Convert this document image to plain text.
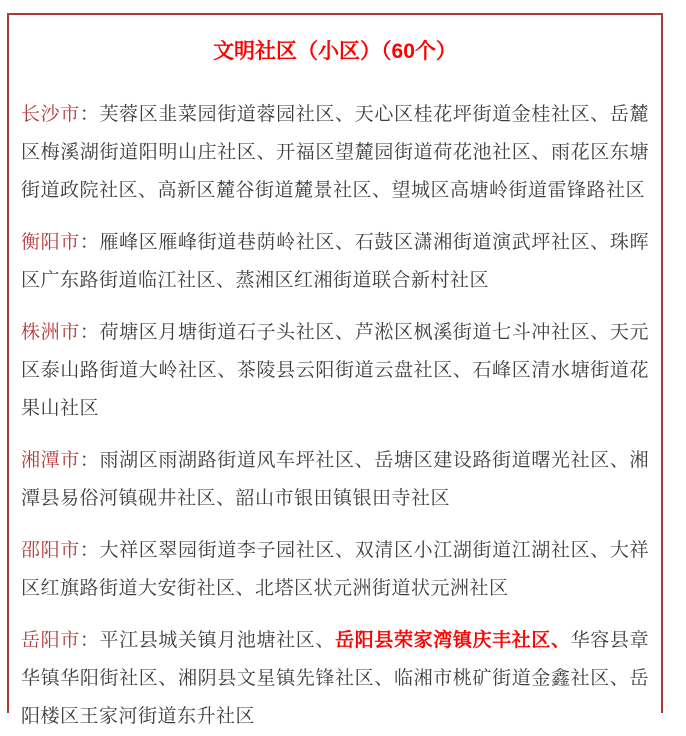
文明社区（小区）（60个）

长沙市：芙蓉区韭菜园街道蓉园社区、天心区桂花坪街道金桂社区、岳麓区梅溪湖街道阳明山庄社区、开福区望麓园街道荷花池社区、雨花区东塘街道政院社区、高新区麓谷街道麓景社区、望城区高塘岭街道雷锋路社区

衡阳市：雁峰区雁峰街道巷荫岭社区、石鼓区潇湘街道演武坪社区、珠晖区广东路街道临江社区、蒸湘区红湘街道联合新村社区

株洲市：荷塘区月塘街道石子头社区、芦淞区枫溪街道七斗冲社区、天元区泰山路街道大岭社区、茶陵县云阳街道云盘社区、石峰区清水塘街道花果山社区

湘潭市：雨湖区雨湖路街道风车坪社区、岳塘区建设路街道曙光社区、湘潭县易俗河镇砚井社区、韶山市银田镇银田寺社区

邵阳市：大祥区翠园街道李子园社区、双清区小江湖街道江湖社区、大祥区红旗路街道大安街社区、北塔区状元洲街道状元洲社区

岳阳市：平江县城关镇月池塘社区、岳阳县荣家湾镇庆丰社区、华容县章华镇华阳街社区、湘阴县文星镇先锋社区、临湘市桃矿街道金鑫社区、岳阳楼区王家河街道东升社区
